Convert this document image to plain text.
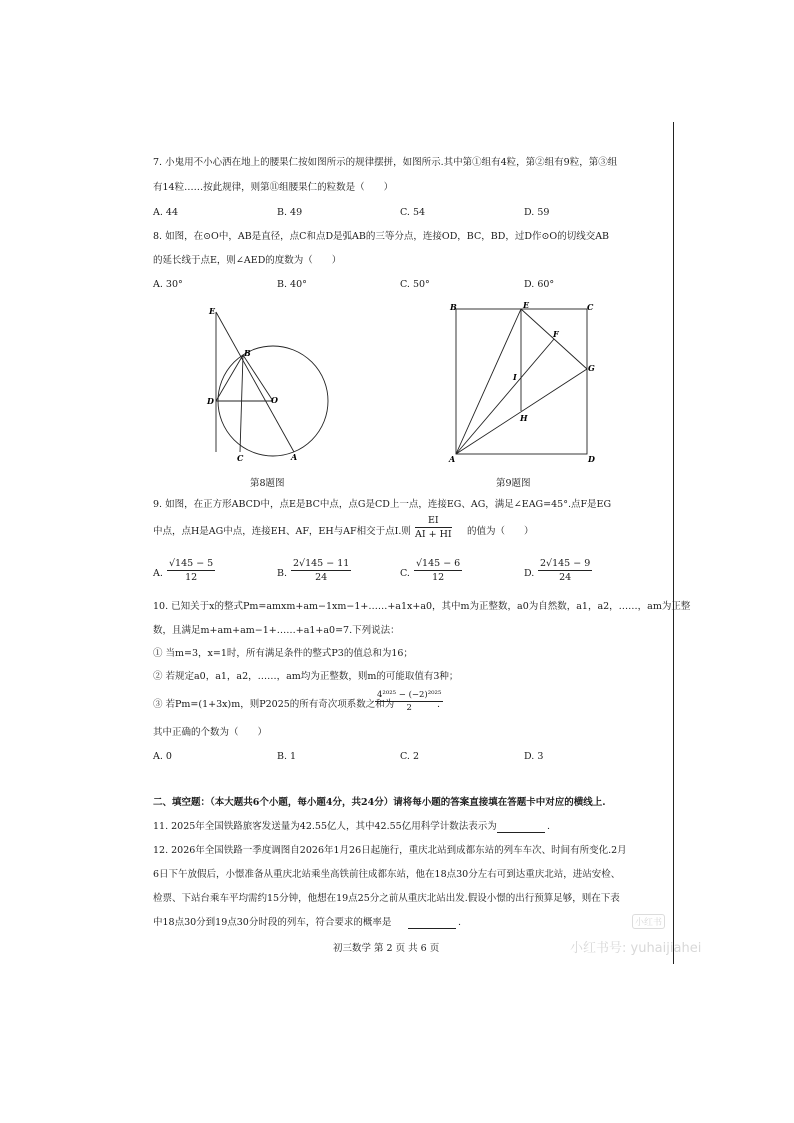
7. 小鬼用不小心洒在地上的腰果仁按如图所示的规律摆拼，如图所示.其中第①组有4粒，第②组有9粒，第③组
有14粒……按此规律，则第⑪组腰果仁的粒数是（　　）
A. 44	B. 49	C. 54	D. 59
8. 如图，在⊙O中，AB是直径，点C和点D是弧AB的三等分点，连接OD，BC，BD，过D作⊙O的切线交AB
的延长线于点E，则∠AED的度数为（　　）
A. 30°	B. 40°	C. 50°	D. 60°
E
B
D	O
C	A
第8题图
B	E	C
F
G
I
H
A	D
第9题图
9. 如图，在正方形ABCD中，点E是BC中点，点G是CD上一点，连接EG、AG，满足∠EAG=45°.点F是EG
中点，点H是AG中点，连接EH、AF，EH与AF相交于点I.则 $\frac{EI}{AI + HI}$ 的值为（　　）
A. $\frac{√145 - 5}{12}$	B. $\frac{2√145 - 11}{24}$	C. $\frac{√145 - 6}{12}$	D. $\frac{2√145 - 9}{24}$
10. 已知关于x的整式Pm=amxm+am−1xm−1+……+a1x+a0，其中m为正整数，a0为自然数，a1，a2，……，am为正整
数，且满足m+am+am−1+……+a1+a0=7.下列说法：
① 当m=3，x=1时，所有满足条件的整式P3的值总和为16；
② 若规定a0，a1，a2，……，am均为正整数，则m的可能取值有3种；
③ 若Pm=(1+3x)m，则P2025的所有奇次项系数之和为
$\frac{\text{4²⁰²⁵ − (−2)²⁰²⁵}}{2}$
.
其中正确的个数为（　　）
A. 0	B. 1	C. 2	D. 3
二、填空题：（本大题共6个小题，每小题4分，共24分）请将每小题的答案直接填在答题卡中对应的横线上.
11. 2025年全国铁路旅客发送量为42.55亿人，其中42.55亿用科学计数法表示为	.
12. 2026年全国铁路一季度调图自2026年1月26日起施行，重庆北站到成都东站的列车车次、时间有所变化.2月
6日下午放假后，小憬准备从重庆北站乘坐高铁前往成都东站，他在18点30分左右可到达重庆北站，进站安检、
检票、下站台乘车平均需约15分钟，他想在19点25分之前从重庆北站出发.假设小憬的出行预算足够，则在下表
中18点30分到19点30分时段的列车，符合要求的概率是	.
初三数学 第 2 页 共 6 页
小红书
小红书号: yuhaijiahei
